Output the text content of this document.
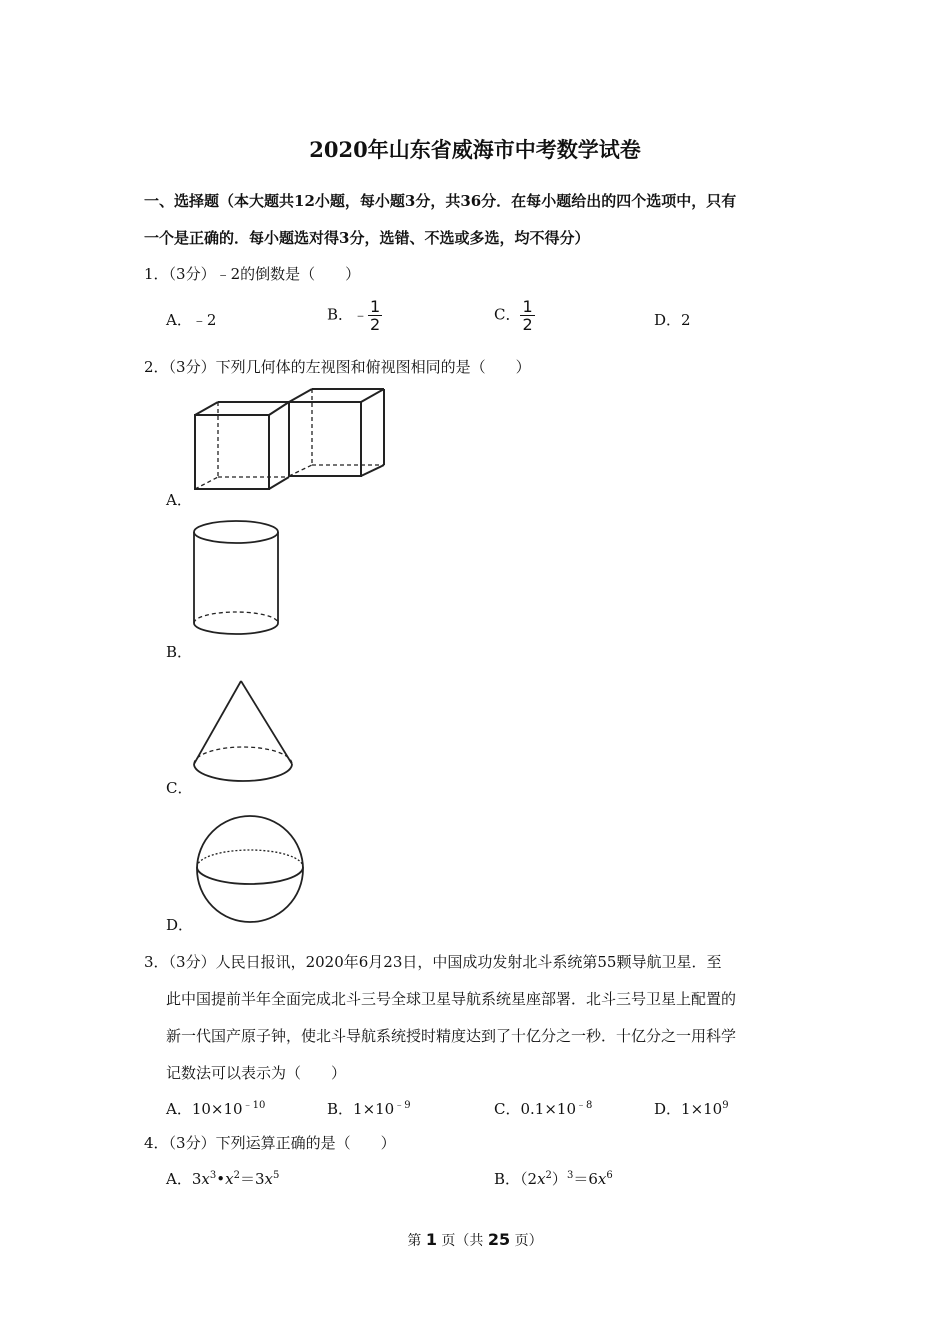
2020年山东省威海市中考数学试卷
一、选择题（本大题共12小题，每小题3分，共36分．在每小题给出的四个选项中，只有
一个是正确的．每小题选对得3分，选错、不选或多选，均不得分）
1．（3分）﹣2的倒数是（　　）
A．﹣2	B．﹣ $\frac{1}{2}$	C． $\frac{1}{2}$	D．2
2．（3分）下列几何体的左视图和俯视图相同的是（　　）
A．
B．
C．
D．
3．（3分）人民日报讯，2020年6月23日，中国成功发射北斗系统第55颗导航卫星．至
此中国提前半年全面完成北斗三号全球卫星导航系统星座部署．北斗三号卫星上配置的
新一代国产原子钟，使北斗导航系统授时精度达到了十亿分之一秒．十亿分之一用科学
记数法可以表示为（　　）
A．$10\times 10^{﹣10}$	B．$1\times 10^{﹣9}$	C．$0.1\times 10^{﹣8}$	D．$1\times 10^9$
4．（3分）下列运算正确的是（　　）
A．$3x^3•x^2=3x^5$	B．$(2x^2)^3=6x^6$
第 1 页（共 25 页）
